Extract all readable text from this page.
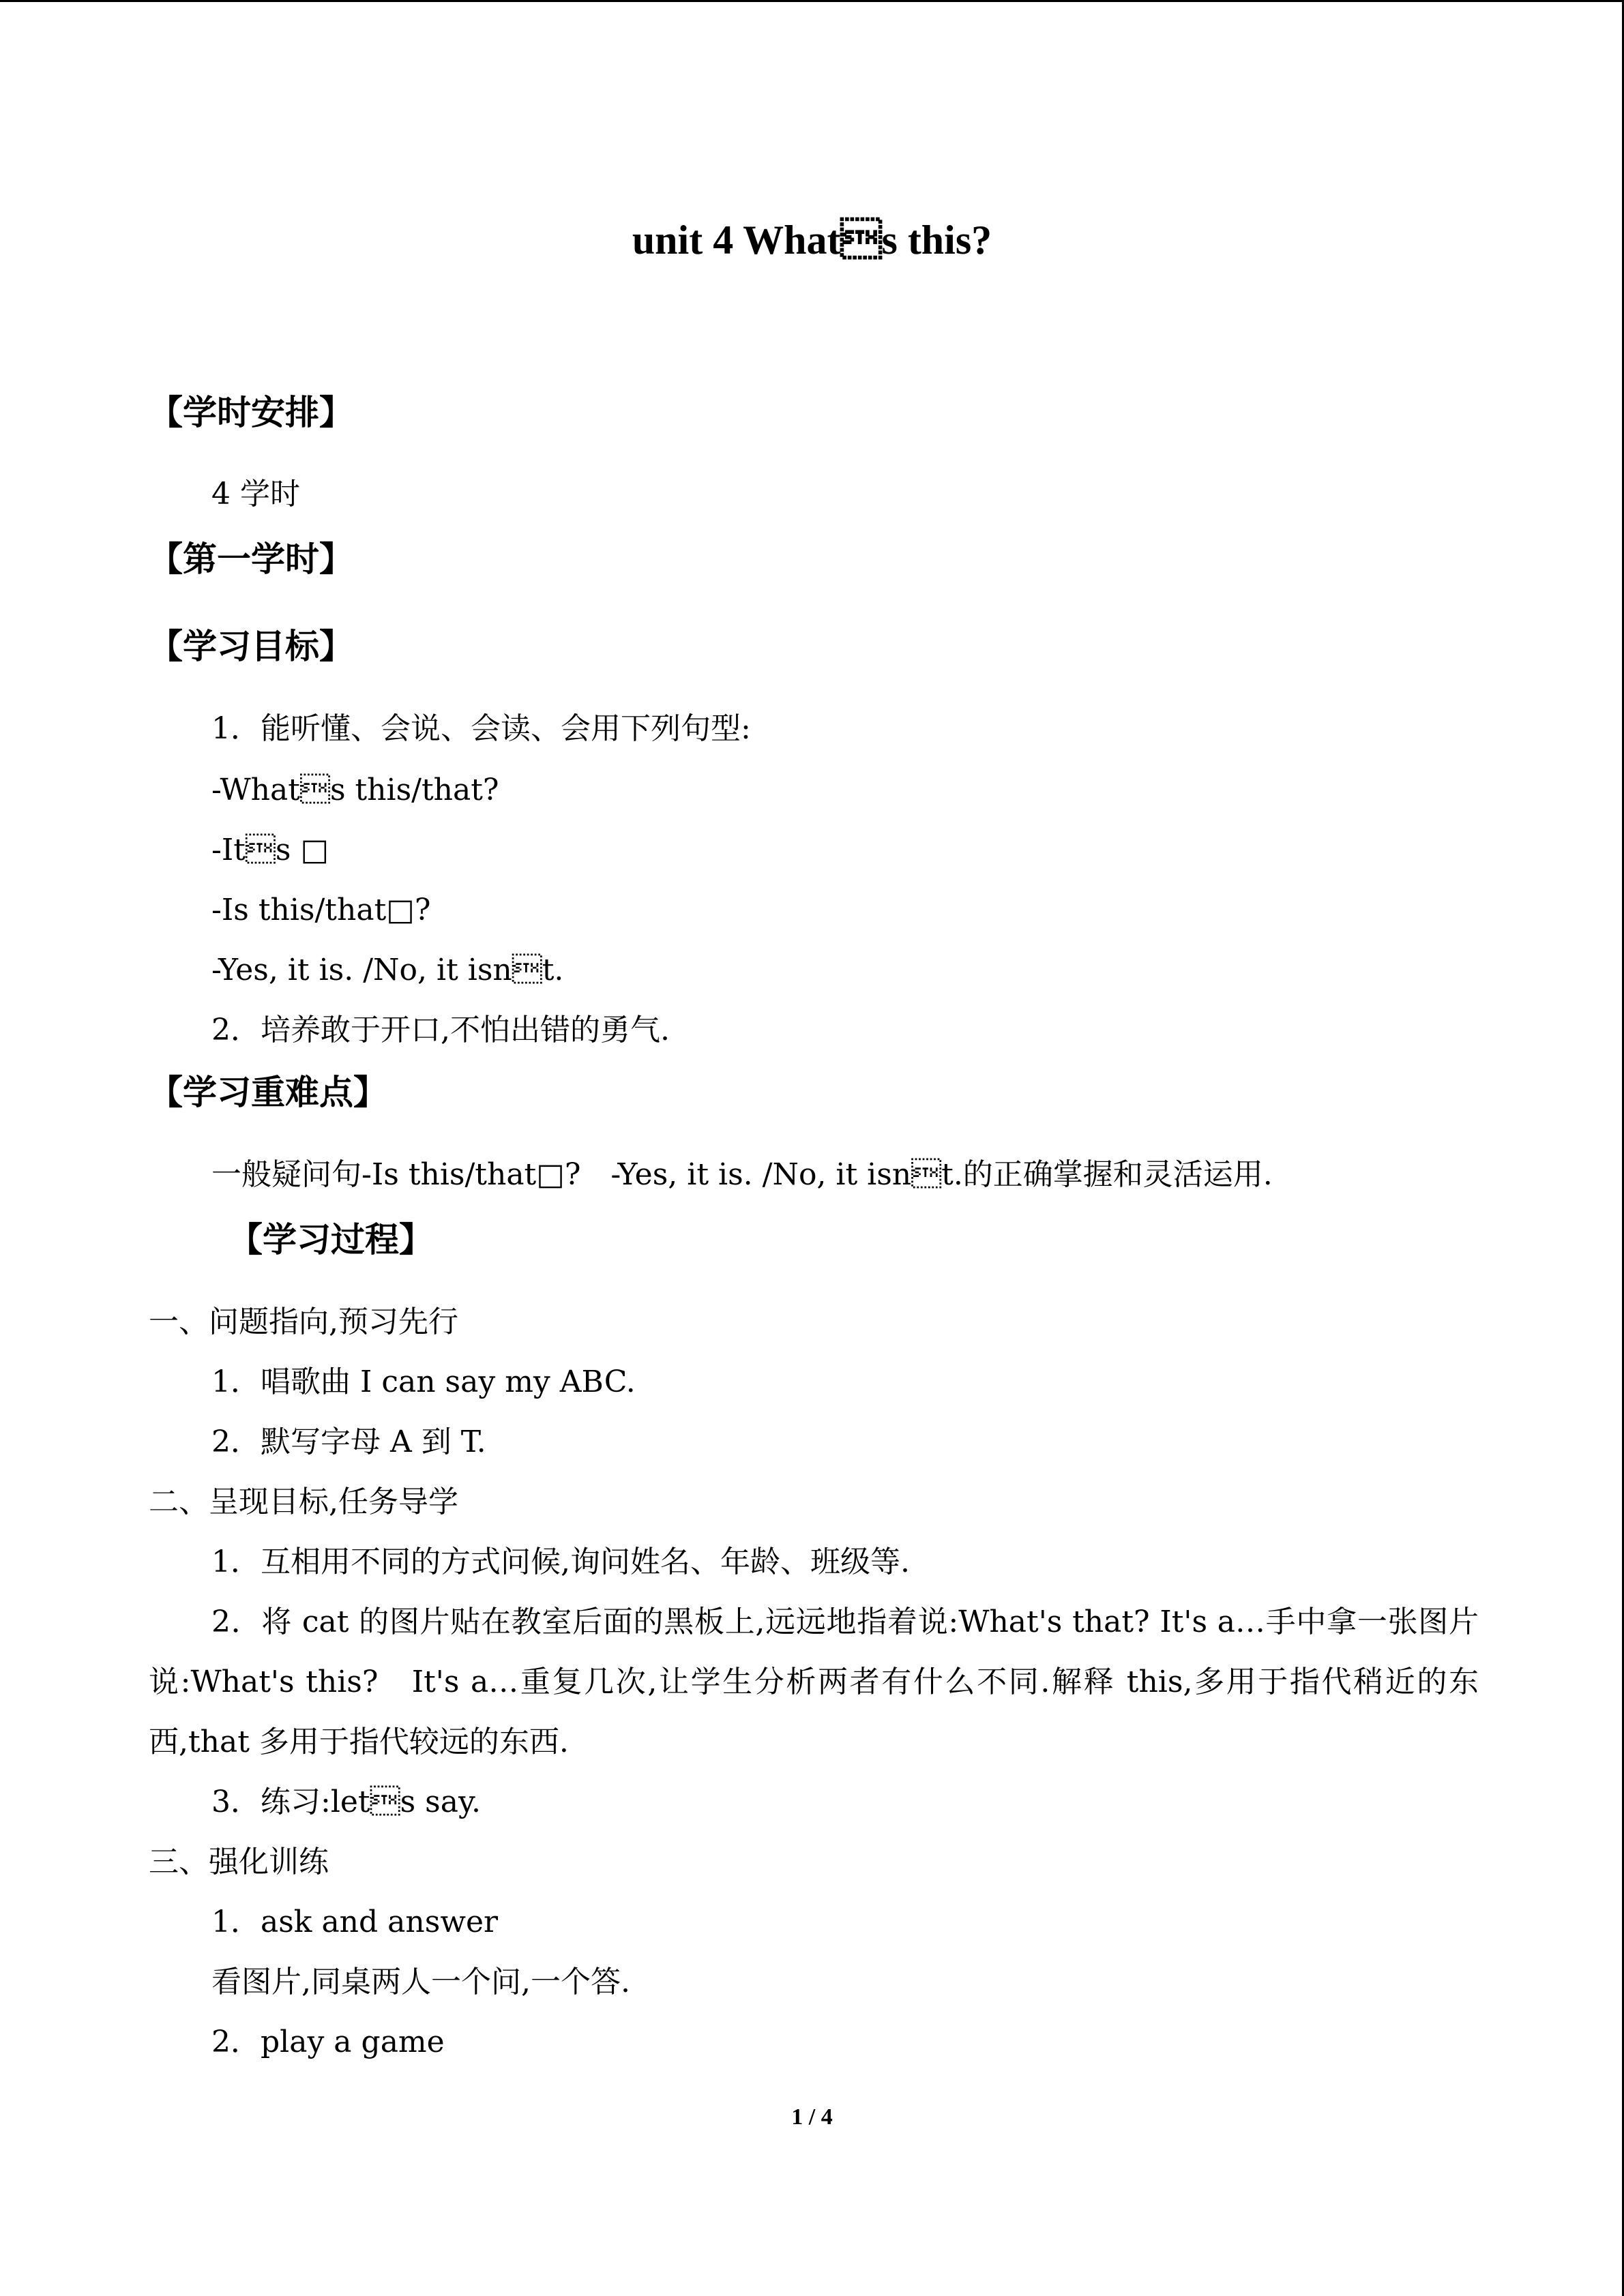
unit 4 Whats this?
【学时安排】
4 学时
【第一学时】
【学习目标】
1．能听懂、会说、会读、会用下列句型:
-Whats this/that?
-Its □
-Is this/that□?
-Yes, it is. /No, it isnt.
2．培养敢于开口,不怕出错的勇气.
【学习重难点】
一般疑问句-Is this/that□?　-Yes, it is. /No, it isnt.的正确掌握和灵活运用.
【学习过程】
一、问题指向,预习先行
1．唱歌曲 I can say my ABC.
2．默写字母 A 到 T.
二、呈现目标,任务导学
1．互相用不同的方式问候,询问姓名、年龄、班级等.
2．将 cat 的图片贴在教室后面的黑板上,远远地指着说:What's that? It's a…手中拿一张图片说:What's this?　It's a…重复几次,让学生分析两者有什么不同.解释 this,多用于指代稍近的东西,that 多用于指代较远的东西.
3．练习:lets say.
三、强化训练
1．ask and answer
看图片,同桌两人一个问,一个答.
2．play a game
1 / 4
